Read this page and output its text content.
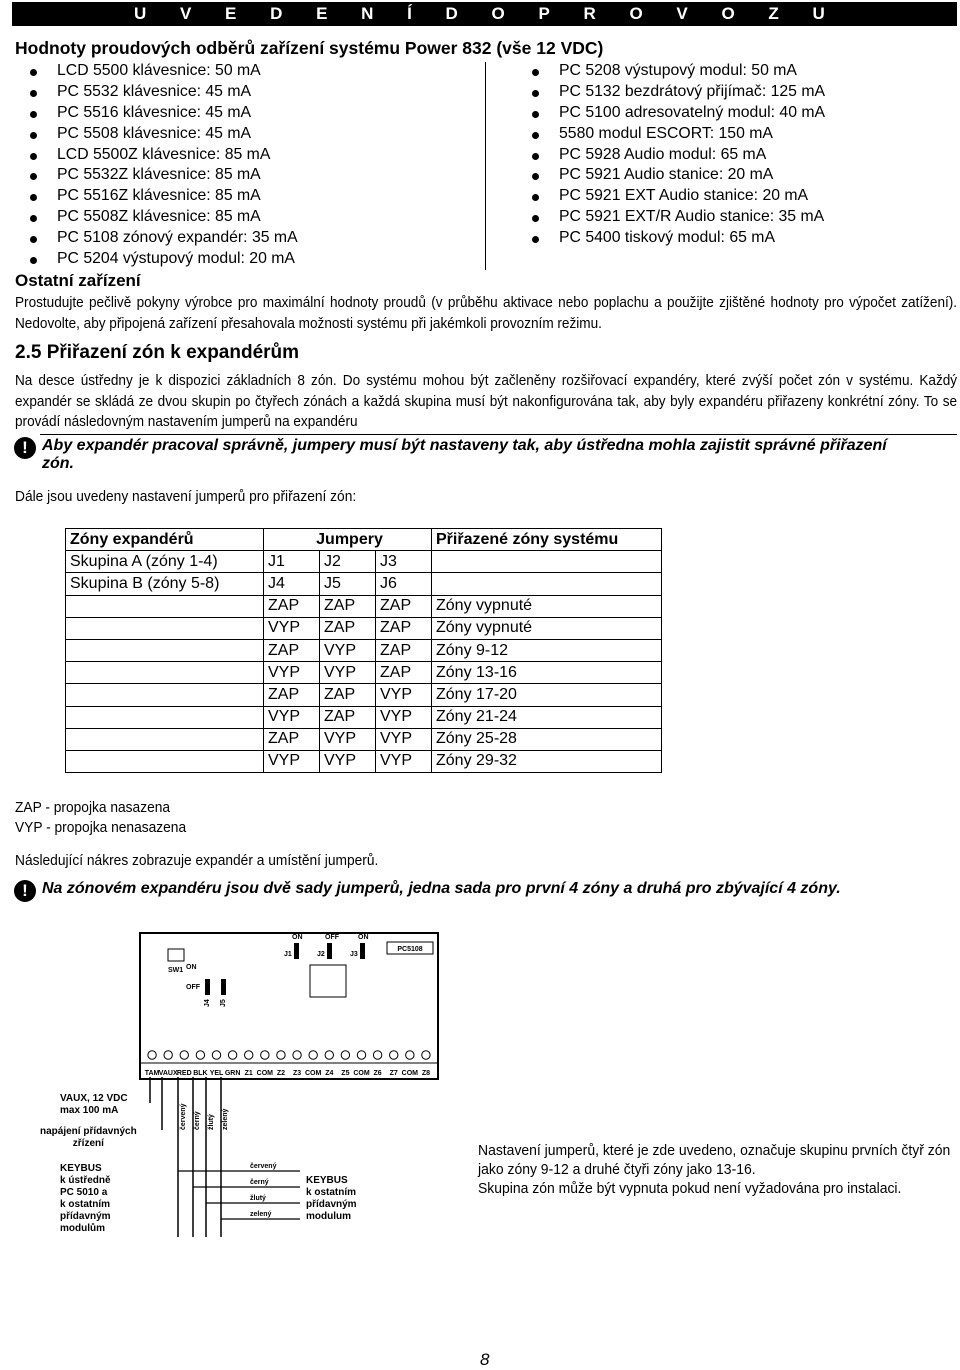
U V E D E N Í D O P R O V O Z U
Hodnoty proudových odběrů zařízení systému Power 832 (vše 12 VDC)
LCD 5500 klávesnice: 50 mA
PC 5532 klávesnice: 45 mA
PC 5516 klávesnice: 45 mA
PC 5508 klávesnice: 45 mA
LCD 5500Z klávesnice: 85 mA
PC 5532Z klávesnice: 85 mA
PC 5516Z klávesnice: 85 mA
PC 5508Z klávesnice: 85 mA
PC 5108 zónový expandér: 35 mA
PC 5204 výstupový modul: 20 mA
PC 5208 výstupový modul: 50 mA
PC 5132 bezdrátový přijímač: 125 mA
PC 5100 adresovatelný modul: 40 mA
5580 modul ESCORT: 150 mA
PC 5928 Audio modul: 65 mA
PC 5921 Audio stanice: 20 mA
PC 5921 EXT Audio stanice: 20 mA
PC 5921 EXT/R Audio stanice: 35 mA
PC 5400 tiskový modul: 65 mA
Ostatní zařízení

Prostudujte pečlivě pokyny výrobce pro maximální hodnoty proudů (v průběhu aktivace nebo poplachu a použijte zjištěné hodnoty pro výpočet zatížení). Nedovolte, aby připojená zařízení přesahovala možnosti systému při jakémkoli provozním režimu.

2.5 Přiřazení zón k expandérům

Na desce ústředny je k dispozici základních 8 zón. Do systému mohou být začleněny rozšiřovací expandéry, které zvýší počet zón v systému. Každý expandér se skládá ze dvou skupin po čtyřech zónách a každá skupina musí být nakonfigurována tak, aby byly expandéru přiřazeny konkrétní zóny. To se provádí následovným nastavením jumperů na expandéru

! Aby expandér pracoval správně, jumpery musí být nastaveny tak, aby ústředna mohla zajistit správné přiřazení zón.

Dále jsou uvedeny nastavení jumperů pro přiřazení zón:

Zóny expandérů	Jumpery			Přiřazené zóny systému
Skupina A (zóny 1-4)	J1	J2	J3	
Skupina B (zóny 5-8)	J4	J5	J6	
	ZAP	ZAP	ZAP	Zóny vypnuté
	VYP	ZAP	ZAP	Zóny vypnuté
	ZAP	VYP	ZAP	Zóny 9-12
	VYP	VYP	ZAP	Zóny 13-16
	ZAP	ZAP	VYP	Zóny 17-20
	VYP	ZAP	VYP	Zóny 21-24
	ZAP	VYP	VYP	Zóny 25-28
	VYP	VYP	VYP	Zóny 29-32
ZAP - propojka nasazena
VYP - propojka nenasazena

Následující nákres zobrazuje expandér a umístění jumperů.

! Na zónovém expandéru jsou dvě sady jumperů, jedna sada pro první 4 zóny a druhá pro zbývající 4 zóny.
PC5108
SW1
ON
J1
OFF
J2
ON
J3
J4 J5
OFF
ON
TAM VAUX RED BLK YEL GRN Z1 COM Z2 Z3 COM Z4 Z5 COM Z6 Z7 COM Z8
červený černý žlutý zelený
červený
černý
žlutý
zelený
VAUX, 12 VDC
max 100 mA
napájení přídavných
zřízení
KEYBUS
k ústředně
PC 5010 a
k ostatním
přídavným
modulům
KEYBUS
k ostatním
přídavným
modulum
Nastavení jumperů, které je zde uvedeno, označuje skupinu prvních čtyř zón jako zóny 9-12 a druhé čtyři zóny jako 13-16.
Skupina zón může být vypnuta pokud není vyžadována pro instalaci.
8
